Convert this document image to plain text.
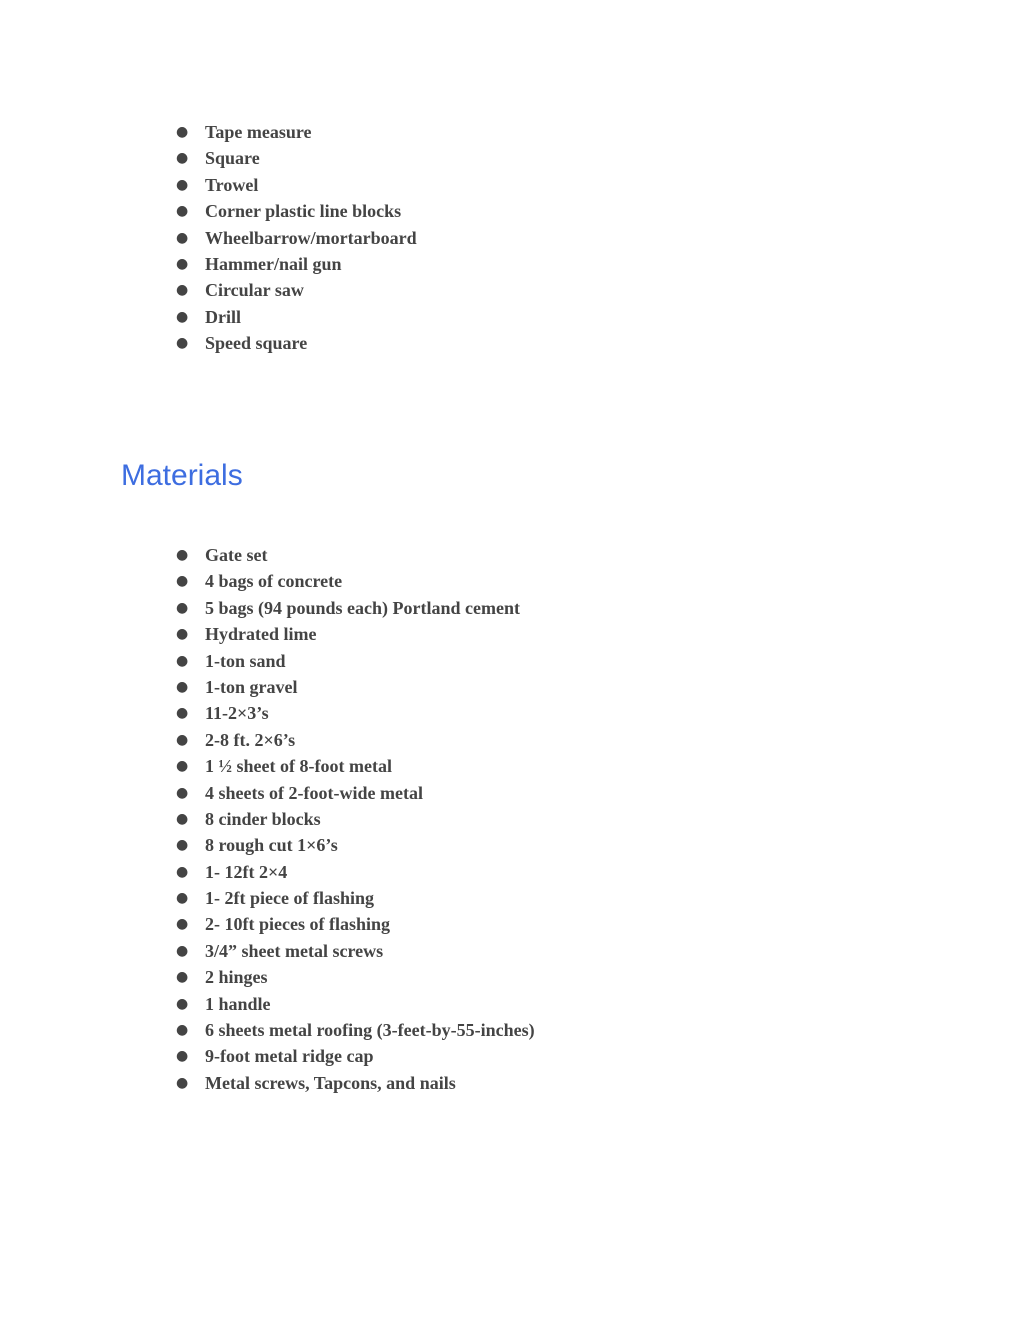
● Tape measure
● Square
● Trowel
● Corner plastic line blocks
● Wheelbarrow/mortarboard
● Hammer/nail gun
● Circular saw
● Drill
● Speed square
Materials
● Gate set
● 4 bags of concrete
● 5 bags (94 pounds each) Portland cement
● Hydrated lime
● 1-ton sand
● 1-ton gravel
● 11-2×3’s
● 2-8 ft. 2×6’s
● 1 ½ sheet of 8-foot metal
● 4 sheets of 2-foot-wide metal
● 8 cinder blocks
● 8 rough cut 1×6’s
● 1- 12ft 2×4
● 1- 2ft piece of flashing
● 2- 10ft pieces of flashing
● 3/4” sheet metal screws
● 2 hinges
● 1 handle
● 6 sheets metal roofing (3-feet-by-55-inches)
● 9-foot metal ridge cap
● Metal screws, Tapcons, and nails
